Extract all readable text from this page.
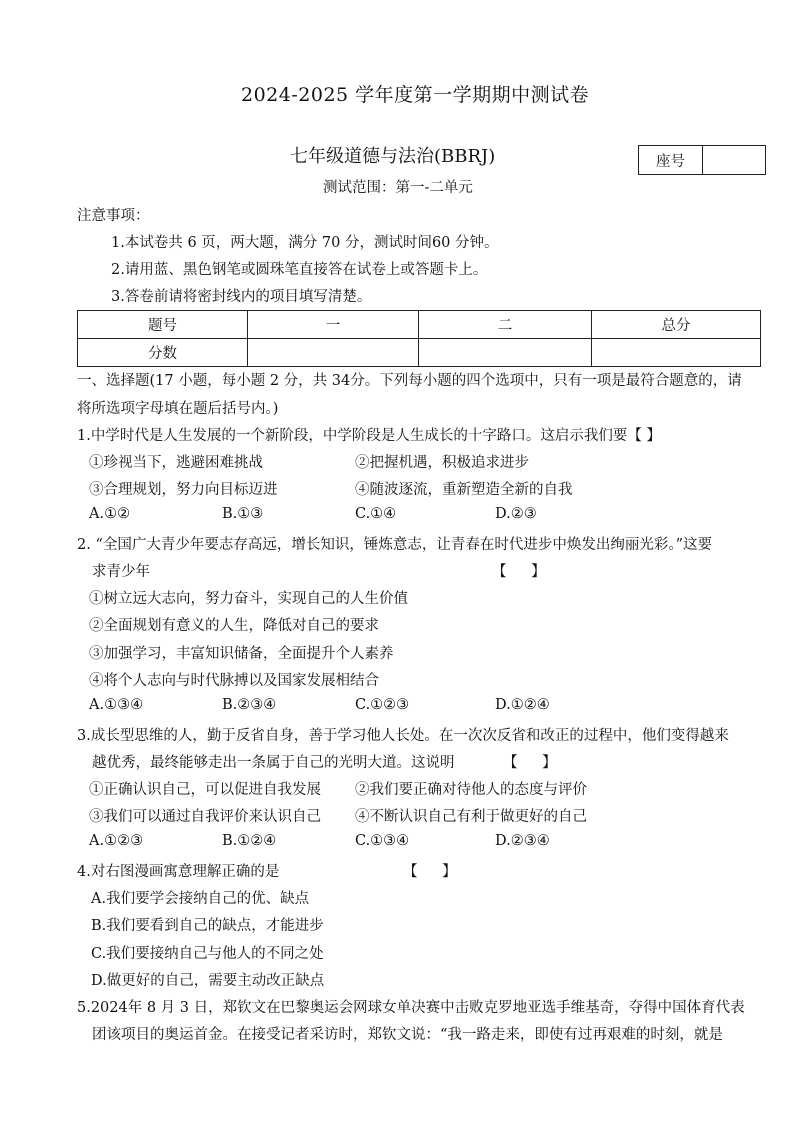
2024-2025 学年度第一学期期中测试卷
七年级道德与法治(BBRJ)	座号
测试范围：第一-二单元
注意事项：
1.本试卷共 6 页，两大题，满分 70 分，测试时间60 分钟。
2.请用蓝、黑色钢笔或圆珠笔直接答在试卷上或答题卡上。
3.答卷前请将密封线内的项目填写清楚。
题号	一	二	总分
分数			
一、选择题(17 小题，每小题 2 分，共 34分。下列每小题的四个选项中，只有一项是最符合题意的，请
将所选项字母填在题后括号内。)
1.中学时代是人生发展的一个新阶段，中学阶段是人生成长的十字路口。这启示我们要【 】
①珍视当下，逃避困难挑战	②把握机遇，积极追求进步
③合理规划，努力向目标迈进	④随波逐流，重新塑造全新的自我
A.①②	B.①③	C.①④	D.②③
2. “全国广大青少年要志存高远，增长知识，锤炼意志，让青春在时代进步中焕发出绚丽光彩。”这要
求青少年	【 】
①树立远大志向，努力奋斗，实现自己的人生价值
②全面规划有意义的人生，降低对自己的要求
③加强学习，丰富知识储备，全面提升个人素养
④将个人志向与时代脉搏以及国家发展相结合
A.①③④	B.②③④	C.①②③	D.①②④
3.成长型思维的人，勤于反省自身，善于学习他人长处。在一次次反省和改正的过程中，他们变得越来
越优秀，最终能够走出一条属于自己的光明大道。这说明	【 】
①正确认识自己，可以促进自我发展 ②我们要正确对待他人的态度与评价
③我们可以通过自我评价来认识自己 ④不断认识自己有利于做更好的自己
A.①②③	B.①②④	C.①③④	D.②③④
4.对右图漫画寓意理解正确的是	【 】
A.我们要学会接纳自己的优、缺点
B.我们要看到自己的缺点，才能进步
C.我们要接纳自己与他人的不同之处
D.做更好的自己，需要主动改正缺点
5.2024年 8 月 3 日，郑钦文在巴黎奥运会网球女单决赛中击败克罗地亚选手维基奇，夺得中国体育代表
团该项目的奥运首金。在接受记者采访时，郑钦文说：“我一路走来，即使有过再艰难的时刻，就是
